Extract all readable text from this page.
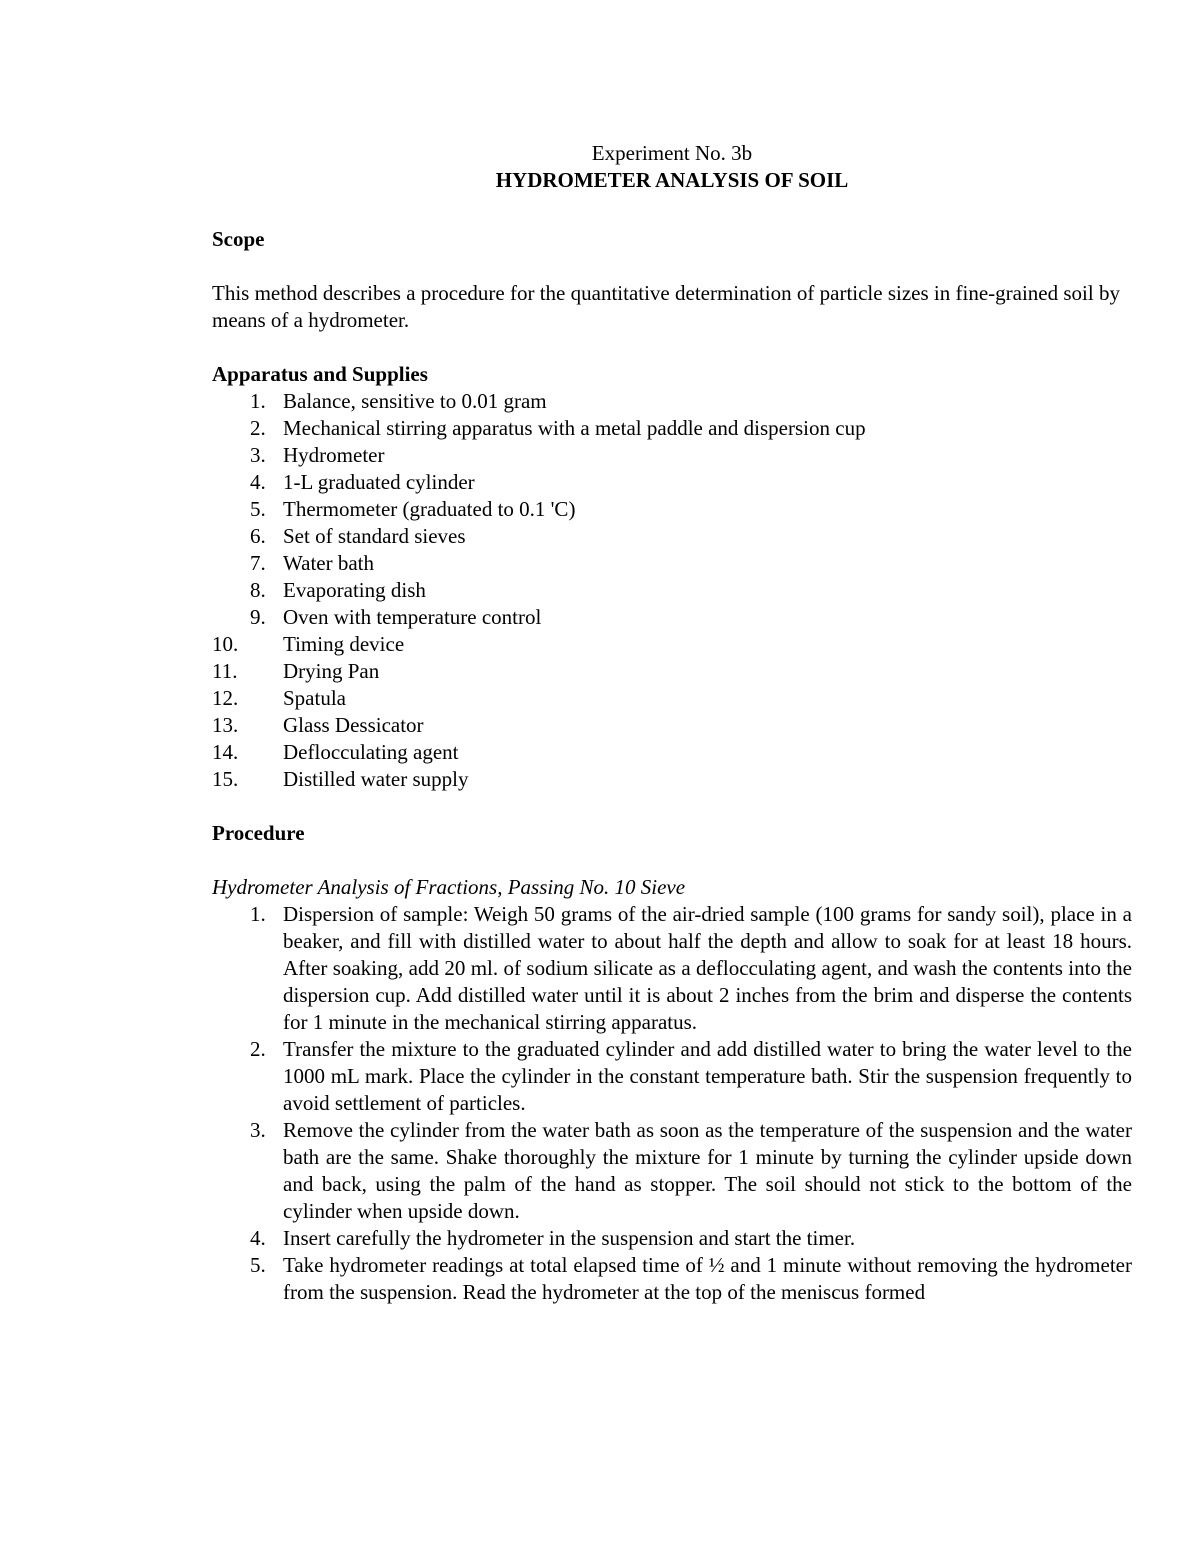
Experiment No. 3b

HYDROMETER ANALYSIS OF SOIL

Scope

This method describes a procedure for the quantitative determination of particle sizes in fine-grained soil by means of a hydrometer.

Apparatus and Supplies

1. Balance, sensitive to 0.01 gram
2. Mechanical stirring apparatus with a metal paddle and dispersion cup
3. Hydrometer
4. 1-L graduated cylinder
5. Thermometer (graduated to 0.1 'C)
6. Set of standard sieves
7. Water bath
8. Evaporating dish
9. Oven with temperature control
10. Timing device
11. Drying Pan
12. Spatula
13. Glass Dessicator
14. Deflocculating agent
15. Distilled water supply

Procedure

Hydrometer Analysis of Fractions, Passing No. 10 Sieve

1. Dispersion of sample: Weigh 50 grams of the air-dried sample (100 grams for sandy soil), place in a beaker, and fill with distilled water to about half the depth and allow to soak for at least 18 hours. After soaking, add 20 ml. of sodium silicate as a deflocculating agent, and wash the contents into the dispersion cup. Add distilled water until it is about 2 inches from the brim and disperse the contents for 1 minute in the mechanical stirring apparatus.
2. Transfer the mixture to the graduated cylinder and add distilled water to bring the water level to the 1000 mL mark. Place the cylinder in the constant temperature bath. Stir the suspension frequently to avoid settlement of particles.
3. Remove the cylinder from the water bath as soon as the temperature of the suspension and the water bath are the same. Shake thoroughly the mixture for 1 minute by turning the cylinder upside down and back, using the palm of the hand as stopper. The soil should not stick to the bottom of the cylinder when upside down.
4. Insert carefully the hydrometer in the suspension and start the timer.
5. Take hydrometer readings at total elapsed time of ½ and 1 minute without removing the hydrometer from the suspension. Read the hydrometer at the top of the meniscus formed
